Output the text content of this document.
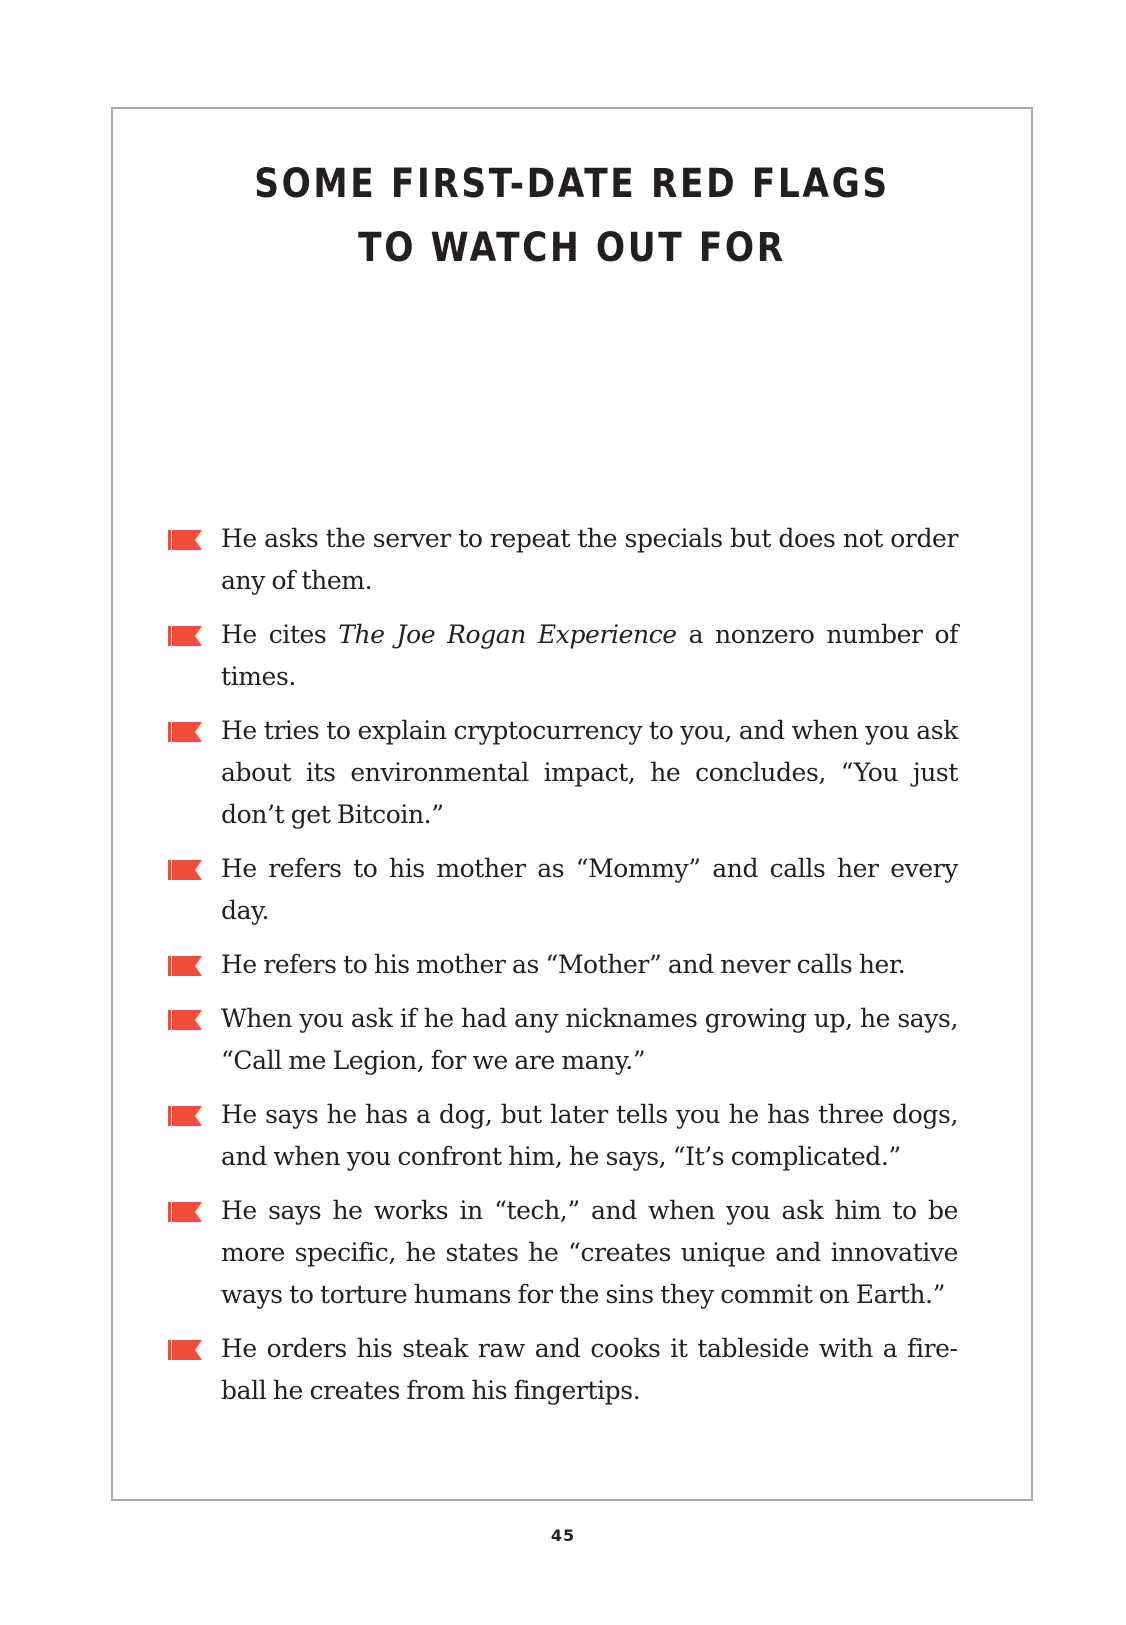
SOME FIRST-DATE RED FLAGS
TO WATCH OUT FOR
He asks the server to repeat the specials but does not order any of them.
He cites The Joe Rogan Experience a nonzero number of times.
He tries to explain cryptocurrency to you, and when you ask about its environmental impact, he concludes, “You just don’t get Bitcoin.”
He refers to his mother as “Mommy” and calls her every day.
He refers to his mother as “Mother” and never calls her.
When you ask if he had any nicknames growing up, he says, “Call me Legion, for we are many.”
He says he has a dog, but later tells you he has three dogs, and when you confront him, he says, “It’s complicated.”
He says he works in “tech,” and when you ask him to be more specific, he states he “creates unique and innovative ways to torture humans for the sins they commit on Earth.”
He orders his steak raw and cooks it tableside with a fireball he creates from his fingertips.
45
